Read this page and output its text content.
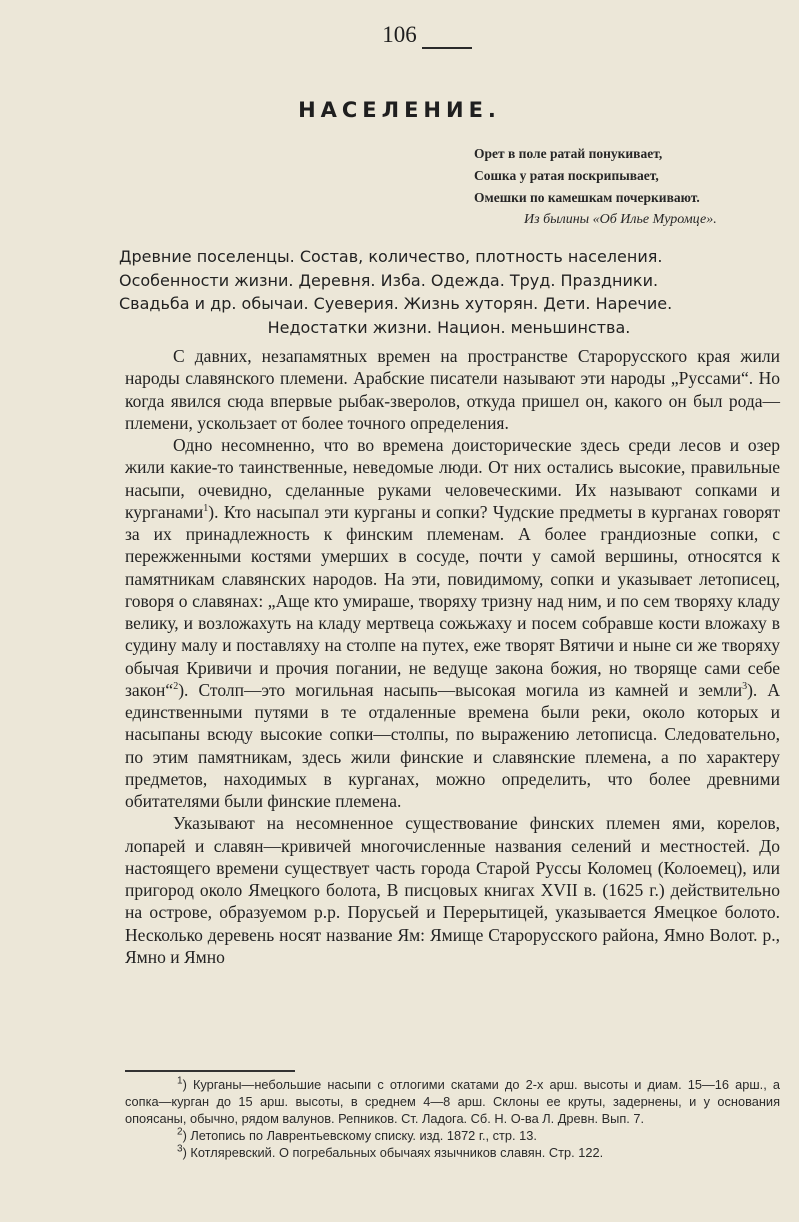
106
НАСЕЛЕНИЕ.
Орет в поле ратай понукивает,
Сошка у ратая поскрипывает,
Омешки по камешкам почеркивают.
Из былины «Об Илье Муромце».
Древние поселенцы. Состав, количество, плотность населения.
Особенности жизни. Деревня. Изба. Одежда. Труд. Праздники.
Свадьба и др. обычаи. Суеверия. Жизнь хуторян. Дети. Наречие.
Недостатки жизни. Национ. меньшинства.

С давних, незапамятных времен на пространстве Старорусского края жили народы славянского племени. Арабские писатели называют эти народы „Руссами“. Но когда явился сюда впервые рыбак-зверолов, откуда пришел он, какого он был рода—племени, ускользает от более точного определения.

Одно несомненно, что во времена доисторические здесь среди лесов и озер жили какие-то таинственные, неведомые люди. От них остались высокие, правильные насыпи, очевидно, сделанные руками человеческими. Их называют сопками и курганами$^1$). Кто насыпал эти курганы и сопки? Чудские предметы в курганах говорят за их принадлежность к финским племенам. А более грандиозные сопки, с пережженными костями умерших в сосуде, почти у самой вершины, относятся к памятникам славянских народов. На эти, повидимому, сопки и указывает летописец, говоря о славянах: „Аще кто умираше, творяху тризну над ним, и по сем творяху кладу велику, и возложахуть на кладу мертвеца сожьжаху и посем собравше кости вложаху в судину малу и поставляху на столпе на путех, еже творят Вятичи и ныне си же творяху обычая Кривичи и прочия погании, не ведуще закона божия, но творяще сами себе закон“$^2$). Столп—это могильная насыпь—высокая могила из камней и земли$^3$). А единственными путями в те отдаленные времена были реки, около которых и насыпаны всюду высокие сопки—столпы, по выражению летописца. Следовательно, по этим памятникам, здесь жили финские и славянские племена, а по характеру предметов, находимых в курганах, можно определить, что более древними обитателями были финские племена.

Указывают на несомненное существование финских племен ями, корелов, лопарей и славян—кривичей многочисленные названия селений и местностей. До настоящего времени существует часть города Старой Руссы Коломец (Колоемец), или пригород около Ямецкого болота, В писцовых книгах XVII в. (1625 г.) действительно на острове, образуемом р.р. Порусьей и Перерытицей, указывается Ямецкое болото. Несколько деревень носят название Ям: Ямище Старорусского района, Ямно Волот. р., Ямно и Ямно

$^1$) Курганы—небольшие насыпи с отлогими скатами до 2-х арш. высоты и диам. 15—16 арш., а сопка—курган до 15 арш. высоты, в среднем 4—8 арш. Склоны ее круты, задернены, и у основания опоясаны, обычно, рядом валунов. Репников. Ст. Ладога. Сб. Н. О-ва Л. Древн. Вып. 7.

$^2$) Летопись по Лаврентьевскому списку. изд. 1872 г., стр. 13.

$^3$) Котляревский. О погребальных обычаях язычников славян. Стр. 122.
